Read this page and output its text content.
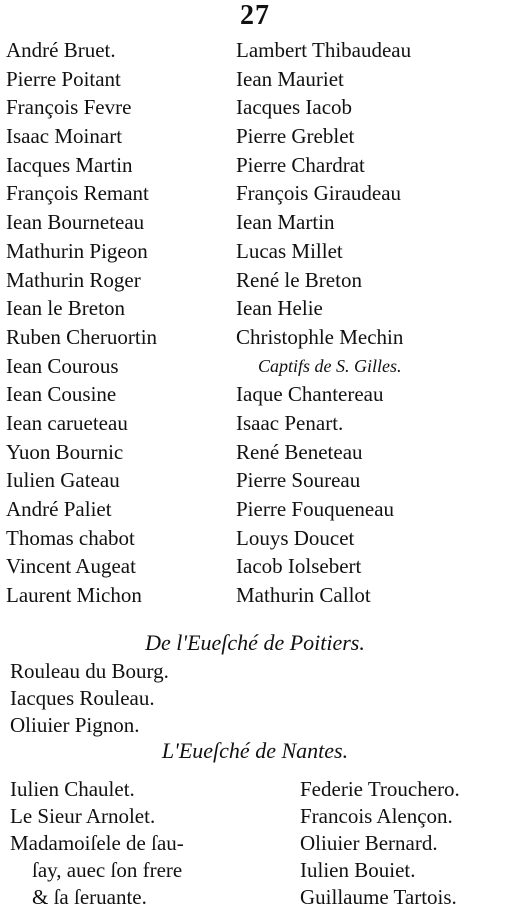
27
André Bruet.
Pierre Poitant
François Fevre
Isaac Moinart
Iacques Martin
François Remant
Iean Bourneteau
Mathurin Pigeon
Mathurin Roger
Iean le Breton
Ruben Cheruortin
Iean Courous
Iean Cousine
Iean carueteau
Yuon Bournic
Iulien Gateau
André Paliet
Thomas chabot
Vincent Augeat
Laurent Michon
Lambert Thibaudeau
Iean Mauriet
Iacques Iacob
Pierre Greblet
Pierre Chardrat
François Giraudeau
Iean Martin
Lucas Millet
René le Breton
Iean Helie
Christophle Mechin
Captifs de S. Gilles.
Iaque Chantereau
Isaac Penart.
René Beneteau
Pierre Soureau
Pierre Fouqueneau
Louys Doucet
Iacob Iolsebert
Mathurin Callot
De l'Eueſché de Poitiers.
Rouleau du Bourg.
Iacques Rouleau.
Oliuier Pignon.
L'Eueſché de Nantes.
Iulien Chaulet.
Le Sieur Arnolet.
Madamoiſele de ſau-
ſay, auec ſon frere
& ſa ſeruante.
Federie Trouchero.
Francois Alençon.
Oliuier Bernard.
Iulien Bouiet.
Guillaume Tartois.
